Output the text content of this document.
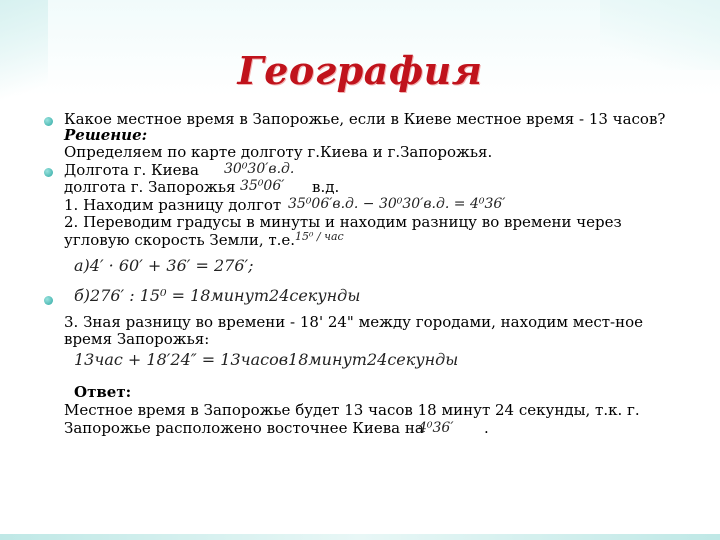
География
Какое местное время в Запорожье, если в Киеве местное время - 13 часов?
Решение:
Определяем по карте долготу г.Киева и г.Запорожья.
Долгота г. Киева 30⁰30′в.д.
долгота г. Запорожья 35⁰06′ в.д.
1. Находим разницу долгот 35⁰06′в.д. − 30⁰30′в.д. = 4⁰36′
2. Переводим градусы в минуты и находим разницу во времени через
угловую скорость Земли, т.е. 15⁰ / час
а)4′ · 60′ + 36′ = 276′;
б)276′ : 15⁰ = 18минут24секунды
3. Зная разницу во времени - 18' 24" между городами, находим мест-ное
время Запорожья:
13час + 18′24″ = 13часов18минут24секунды
Ответ:
Местное время в Запорожье будет 13 часов 18 минут 24 секунды, т.к. г.
Запорожье расположено восточнее Киева на
4⁰36′ .
